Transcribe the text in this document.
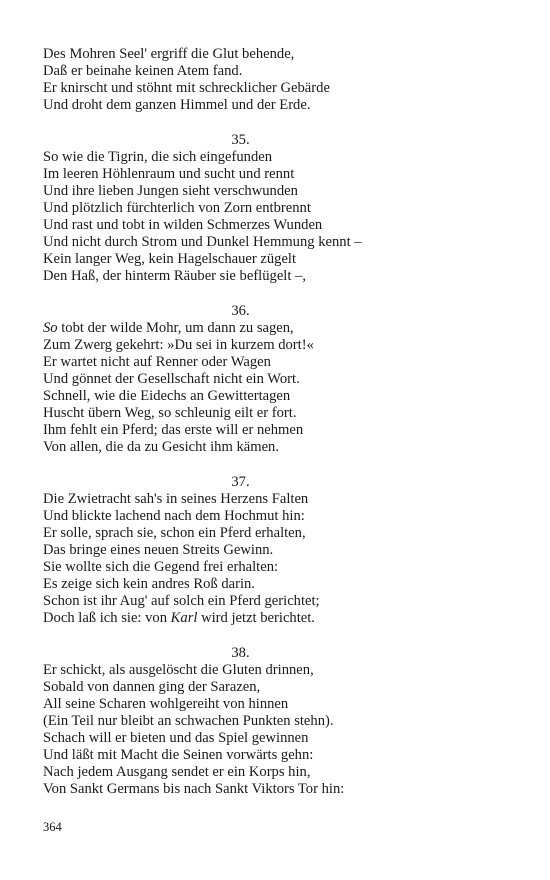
Des Mohren Seel' ergriff die Glut behende,
Daß er beinahe keinen Atem fand.
Er knirscht und stöhnt mit schrecklicher Gebärde
Und droht dem ganzen Himmel und der Erde.
35.
So wie die Tigrin, die sich eingefunden
Im leeren Höhlenraum und sucht und rennt
Und ihre lieben Jungen sieht verschwunden
Und plötzlich fürchterlich von Zorn entbrennt
Und rast und tobt in wilden Schmerzes Wunden
Und nicht durch Strom und Dunkel Hemmung kennt –
Kein langer Weg, kein Hagelschauer zügelt
Den Haß, der hinterm Räuber sie beflügelt –,
36.
So tobt der wilde Mohr, um dann zu sagen,
Zum Zwerg gekehrt: »Du sei in kurzem dort!«
Er wartet nicht auf Renner oder Wagen
Und gönnet der Gesellschaft nicht ein Wort.
Schnell, wie die Eidechs an Gewittertagen
Huscht übern Weg, so schleunig eilt er fort.
Ihm fehlt ein Pferd; das erste will er nehmen
Von allen, die da zu Gesicht ihm kämen.
37.
Die Zwietracht sah's in seines Herzens Falten
Und blickte lachend nach dem Hochmut hin:
Er solle, sprach sie, schon ein Pferd erhalten,
Das bringe eines neuen Streits Gewinn.
Sie wollte sich die Gegend frei erhalten:
Es zeige sich kein andres Roß darin.
Schon ist ihr Aug' auf solch ein Pferd gerichtet;
Doch laß ich sie: von Karl wird jetzt berichtet.
38.
Er schickt, als ausgelöscht die Gluten drinnen,
Sobald von dannen ging der Sarazen,
All seine Scharen wohlgereiht von hinnen
(Ein Teil nur bleibt an schwachen Punkten stehn).
Schach will er bieten und das Spiel gewinnen
Und läßt mit Macht die Seinen vorwärts gehn:
Nach jedem Ausgang sendet er ein Korps hin,
Von Sankt Germans bis nach Sankt Viktors Tor hin:
364
